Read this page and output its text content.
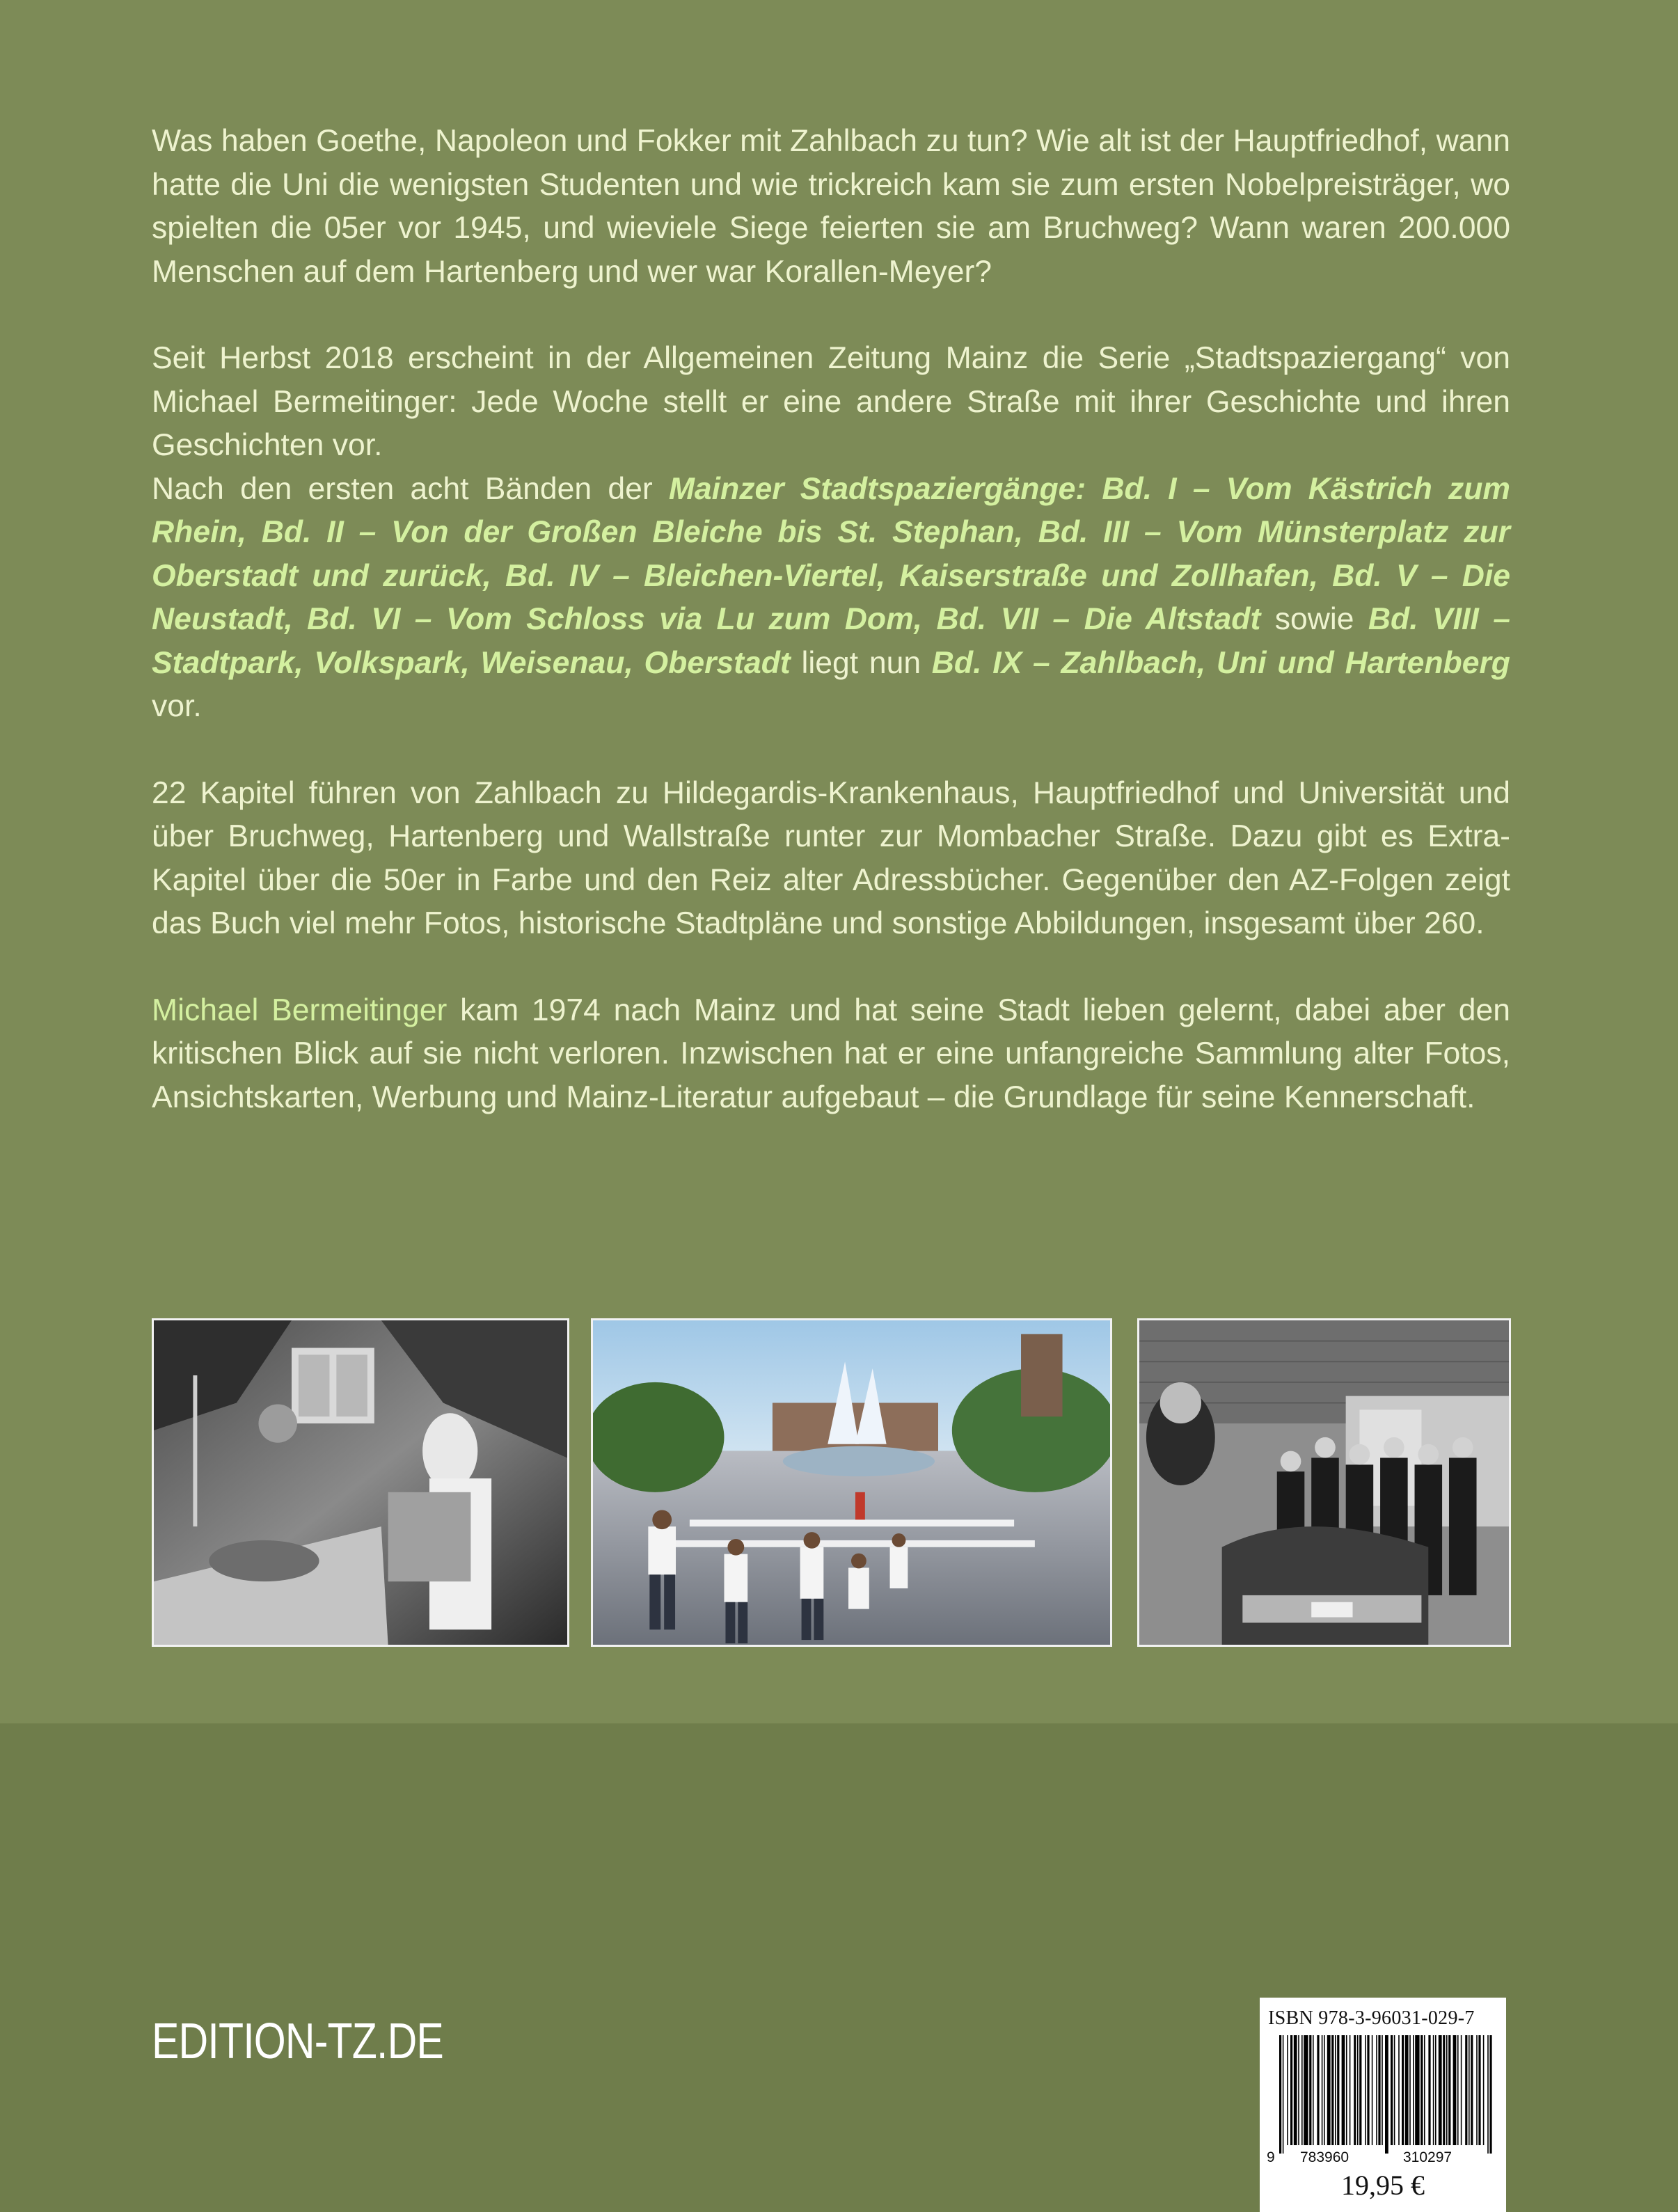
Was haben Goethe, Napoleon und Fokker mit Zahlbach zu tun? Wie alt ist der Hauptfriedhof, wann hatte die Uni die wenigsten Studenten und wie trickreich kam sie zum ersten Nobelpreisträger, wo spielten die 05er vor 1945, und wieviele Siege feierten sie am Bruchweg? Wann waren 200.000 Menschen auf dem Hartenberg und wer war Korallen-Meyer?

Seit Herbst 2018 erscheint in der Allgemeinen Zeitung Mainz die Serie „Stadtspaziergang“ von Michael Bermeitinger: Jede Woche stellt er eine andere Straße mit ihrer Geschichte und ihren Geschichten vor.

Nach den ersten acht Bänden der Mainzer Stadtspaziergänge: Bd. I – Vom Kästrich zum Rhein, Bd. II – Von der Großen Bleiche bis St. Stephan, Bd. III – Vom Münsterplatz zur Oberstadt und zurück, Bd. IV – Bleichen-Viertel, Kaiserstraße und Zollhafen, Bd. V – Die Neustadt, Bd. VI – Vom Schloss via Lu zum Dom, Bd. VII – Die Altstadt sowie Bd. VIII – Stadtpark, Volkspark, Weisenau, Oberstadt liegt nun Bd. IX – Zahlbach, Uni und Hartenberg vor.

22 Kapitel führen von Zahlbach zu Hildegardis-Krankenhaus, Hauptfriedhof und Universität und über Bruchweg, Hartenberg und Wallstraße runter zur Mombacher Straße. Dazu gibt es Extra-Kapitel über die 50er in Farbe und den Reiz alter Adressbücher. Gegenüber den AZ-Folgen zeigt das Buch viel mehr Fotos, historische Stadtpläne und sonstige Abbildungen, insgesamt über 260.

Michael Bermeitinger kam 1974 nach Mainz und hat seine Stadt lieben gelernt, dabei aber den kritischen Blick auf sie nicht verloren. Inzwischen hat er eine unfangreiche Sammlung alter Fotos, Ansichtskarten, Werbung und Mainz-Literatur aufgebaut – die Grundlage für seine Kennerschaft.

EDITION-TZ.DE	ISBN 978-3-96031-029-7
9 783960	310297
19,95 €
